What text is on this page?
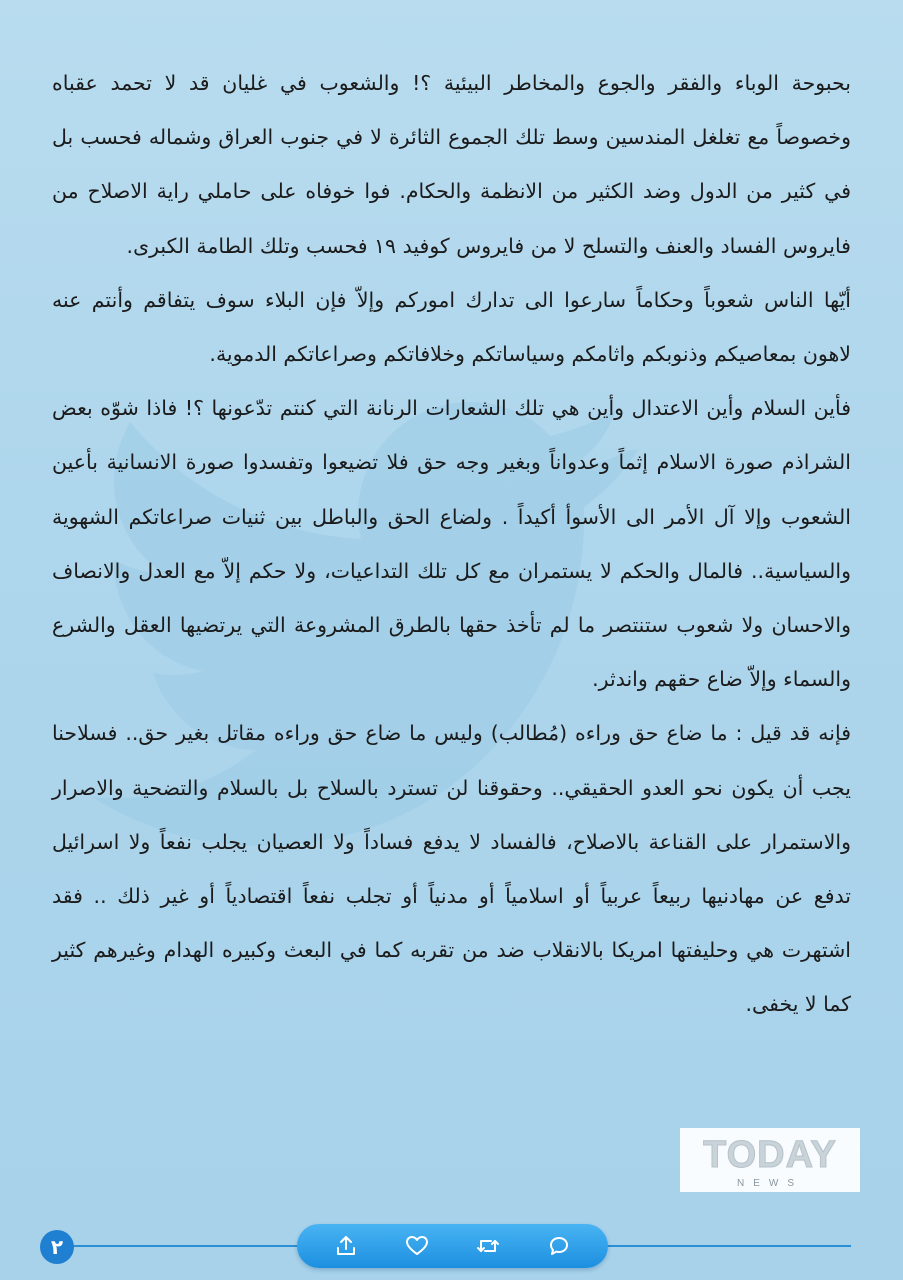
بحبوحة الوباء والفقر والجوع والمخاطر البيئية ؟! والشعوب في غليان قد لا تحمد عقباه وخصوصاً مع تغلغل المندسين وسط تلك الجموع الثائرة لا في جنوب العراق وشماله فحسب بل في كثير من الدول وضد الكثير من الانظمة والحكام. فوا خوفاه على حاملي راية الاصلاح من فايروس الفساد والعنف والتسلح لا من فايروس كوفيد ١٩ فحسب وتلك الطامة الكبرى.

أيّها الناس شعوباً وحكاماً سارعوا الى تدارك اموركم وإلاّ فإن البلاء سوف يتفاقم وأنتم عنه لاهون بمعاصيكم وذنوبكم واثامكم وسياساتكم وخلافاتكم وصراعاتكم الدموية.

فأين السلام وأين الاعتدال وأين هي تلك الشعارات الرنانة التي كنتم تدّعونها ؟! فاذا شوّه بعض الشراذم صورة الاسلام إثماً وعدواناً وبغير وجه حق فلا تضيعوا وتفسدوا صورة الانسانية بأعين الشعوب وإلا آل الأمر الى الأسوأ أكيداً . ولضاع الحق والباطل بين ثنيات صراعاتكم الشهوية والسياسية.. فالمال والحكم لا يستمران مع كل تلك التداعيات، ولا حكم إلاّ مع العدل والانصاف والاحسان ولا شعوب ستنتصر ما لم تأخذ حقها بالطرق المشروعة التي يرتضيها العقل والشرع والسماء وإلاّ ضاع حقهم واندثر.

فإنه قد قيل : ما ضاع حق وراءه (مُطالب) وليس ما ضاع حق وراءه مقاتل بغير حق.. فسلاحنا يجب أن يكون نحو العدو الحقيقي.. وحقوقنا لن تسترد بالسلاح بل بالسلام والتضحية والاصرار والاستمرار على القناعة بالاصلاح، فالفساد لا يدفع فساداً ولا العصيان يجلب نفعاً ولا اسرائيل تدفع عن مهادنيها ربيعاً عربياً أو اسلامياً أو مدنياً أو تجلب نفعاً اقتصادياً أو غير ذلك .. فقد اشتهرت هي وحليفتها امريكا بالانقلاب ضد من تقربه كما في البعث وكبيره الهدام وغيرهم كثير كما لا يخفى.

TODAY
NEWS
٢
